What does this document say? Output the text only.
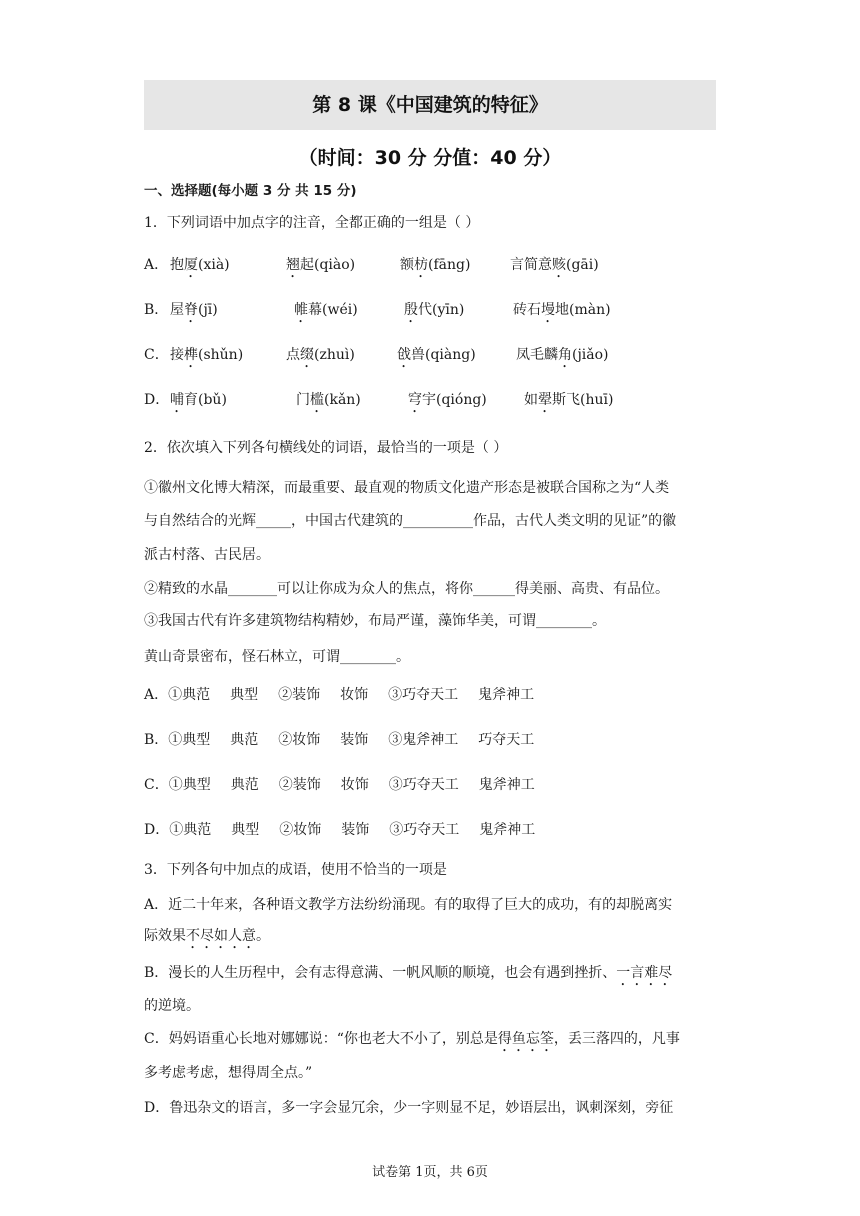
第 8 课《中国建筑的特征》
（时间：30 分 分值：40 分）
一、选择题(每小题 3 分 共 15 分)
1．下列词语中加点字的注音，全都正确的一组是（ ）
A． 抱厦(xià)	翘起(qiào)	额枋(fāng)	言简意赅(gāi)
B． 屋脊(jī)	帷幕(wéi)	殷代(yīn)	砖石墁地(màn)
C． 接榫(shǔn)	点缀(zhuì)	戗兽(qiàng)	凤毛麟角(jiǎo)
D． 哺育(bǔ)	门槛(kǎn)	穹宇(qióng)	如翚斯飞(huī)
2．依次填入下列各句横线处的词语，最恰当的一项是（ ）
①徽州文化博大精深，而最重要、最直观的物质文化遗产形态是被联合国称之为“人类
与自然结合的光辉_____，中国古代建筑的__________作品，古代人类文明的见证”的徽
派古村落、古民居。
②精致的水晶_______可以让你成为众人的焦点，将你______得美丽、高贵、有品位。
③我国古代有许多建筑物结构精妙，布局严谨，藻饰华美，可谓________。
黄山奇景密布，怪石林立，可谓________。
A．①典范 典型 ②装饰 妆饰 ③巧夺天工 鬼斧神工
B．①典型 典范 ②妆饰 装饰 ③鬼斧神工 巧夺天工
C．①典型 典范 ②装饰 妆饰 ③巧夺天工 鬼斧神工
D．①典范 典型 ②妆饰 装饰 ③巧夺天工 鬼斧神工
3．下列各句中加点的成语，使用不恰当的一项是
A．近二十年来，各种语文教学方法纷纷涌现。有的取得了巨大的成功，有的却脱离实
际效果不尽如人意。
B．漫长的人生历程中，会有志得意满、一帆风顺的顺境，也会有遇到挫折、一言难尽
的逆境。
C．妈妈语重心长地对娜娜说：“你也老大不小了，别总是得鱼忘筌，丢三落四的，凡事
多考虑考虑，想得周全点。”
D．鲁迅杂文的语言，多一字会显冗余，少一字则显不足，妙语层出，讽刺深刻，旁征
试卷第 1页，共 6页
